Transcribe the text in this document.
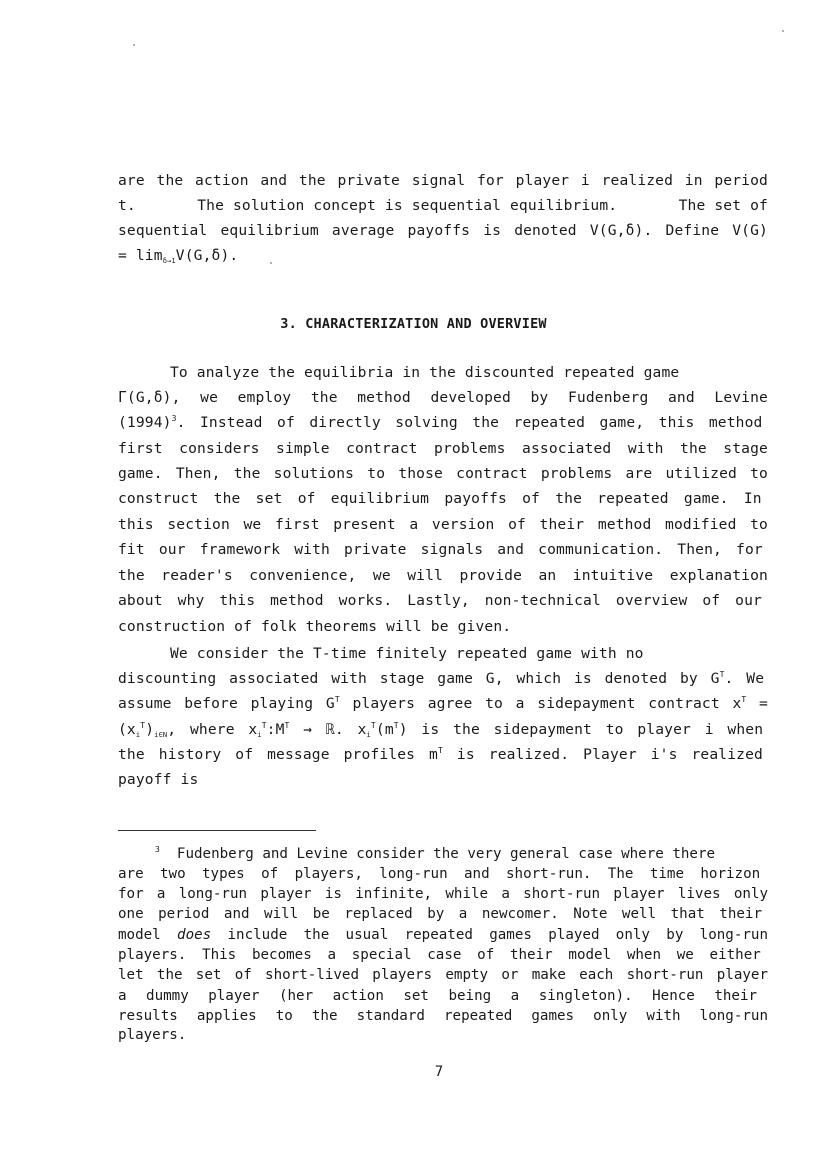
are the action and the private signal for player i realized in period
t.	The solution concept is sequential equilibrium.	The set of
sequential equilibrium average payoffs is denoted V(G,δ). Define V(G)
= $\lim_{\delta\to 1}V(G,\delta)$.
3. CHARACTERIZATION AND OVERVIEW
To analyze the equilibria in the discounted repeated game
Γ(G,δ), we employ the method developed by Fudenberg and Levine
$(1994)^3$. Instead of directly solving the repeated game, this method
first considers simple contract problems associated with the stage
game. Then, the solutions to those contract problems are utilized to
construct the set of equilibrium payoffs of the repeated game. In
this section we first present a version of their method modified to
fit our framework with private signals and communication. Then, for
the reader's convenience, we will provide an intuitive explanation
about why this method works. Lastly, non-technical overview of our
construction of folk theorems will be given.
We consider the T-time finitely repeated game with no
discounting associated with stage game G, which is denoted by $G^T$. We
assume before playing $G^T$ players agree to a sidepayment contract $x^T$ =
$(x_i^T)_{i\in N}$, where $x_i^T:M^T$ → ℝ. $x_i^T(m^T)$ is the sidepayment to player i when
the history of message profiles $m^T$ is realized. Player i's realized
payoff is
$^3$ Fudenberg and Levine consider the very general case where there
are two types of players, long-run and short-run. The time horizon
for a long-run player is infinite, while a short-run player lives only
one period and will be replaced by a newcomer. Note well that their
model does include the usual repeated games played only by long-run
players. This becomes a special case of their model when we either
let the set of short-lived players empty or make each short-run player
a dummy player (her action set being a singleton). Hence their
results applies to the standard repeated games only with long-run
players.
7
